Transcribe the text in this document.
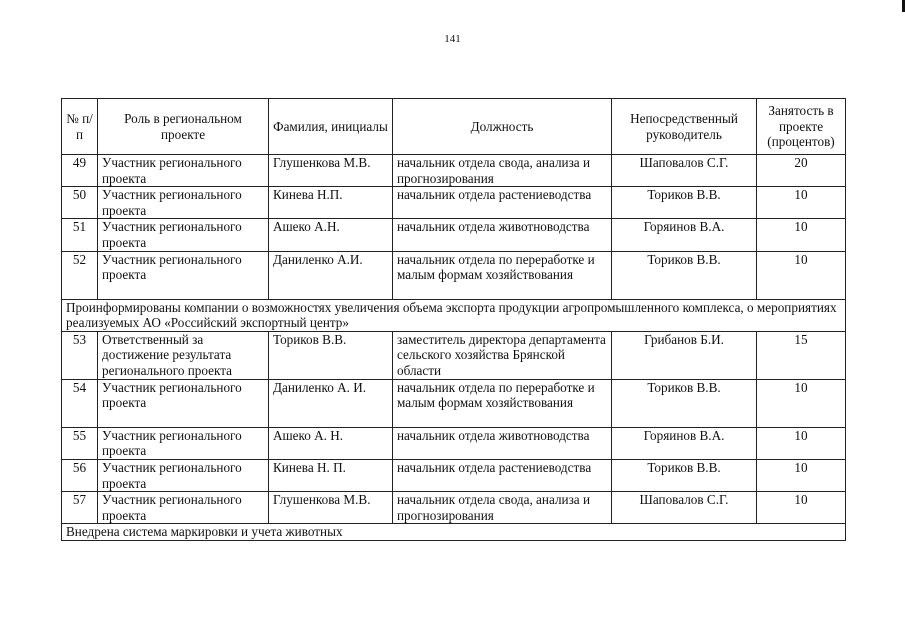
141
№ п/п	Роль в региональном проекте	Фамилия, инициалы	Должность	Непосредственный руководитель	Занятость в проекте (процентов)
49	Участник регионального проекта	Глушенкова М.В.	начальник отдела свода, анализа и прогнозирования	Шаповалов С.Г.	20
50	Участник регионального проекта	Кинева Н.П.	начальник отдела растениеводства	Ториков В.В.	10
51	Участник регионального проекта	Ашеко А.Н.	начальник отдела животноводства	Горяинов В.А.	10
52	Участник регионального проекта	Даниленко А.И.	начальник отдела по переработке и малым формам хозяйствования	Ториков В.В.	10
Проинформированы компании о возможностях увеличения объема экспорта продукции агропромышленного комплекса, о мероприятиях реализуемых АО «Российский экспортный центр»					
53	Ответственный за достижение результата регионального проекта	Ториков В.В.	заместитель директора департамента сельского хозяйства Брянской области	Грибанов Б.И.	15
54	Участник регионального проекта	Даниленко А. И.	начальник отдела по переработке и малым формам хозяйствования	Ториков В.В.	10
55	Участник регионального проекта	Ашеко А. Н.	начальник отдела животноводства	Горяинов В.А.	10
56	Участник регионального проекта	Кинева Н. П.	начальник отдела растениеводства	Ториков В.В.	10
57	Участник регионального проекта	Глушенкова М.В.	начальник отдела свода, анализа и прогнозирования	Шаповалов С.Г.	10
Внедрена система маркировки и учета животных					
